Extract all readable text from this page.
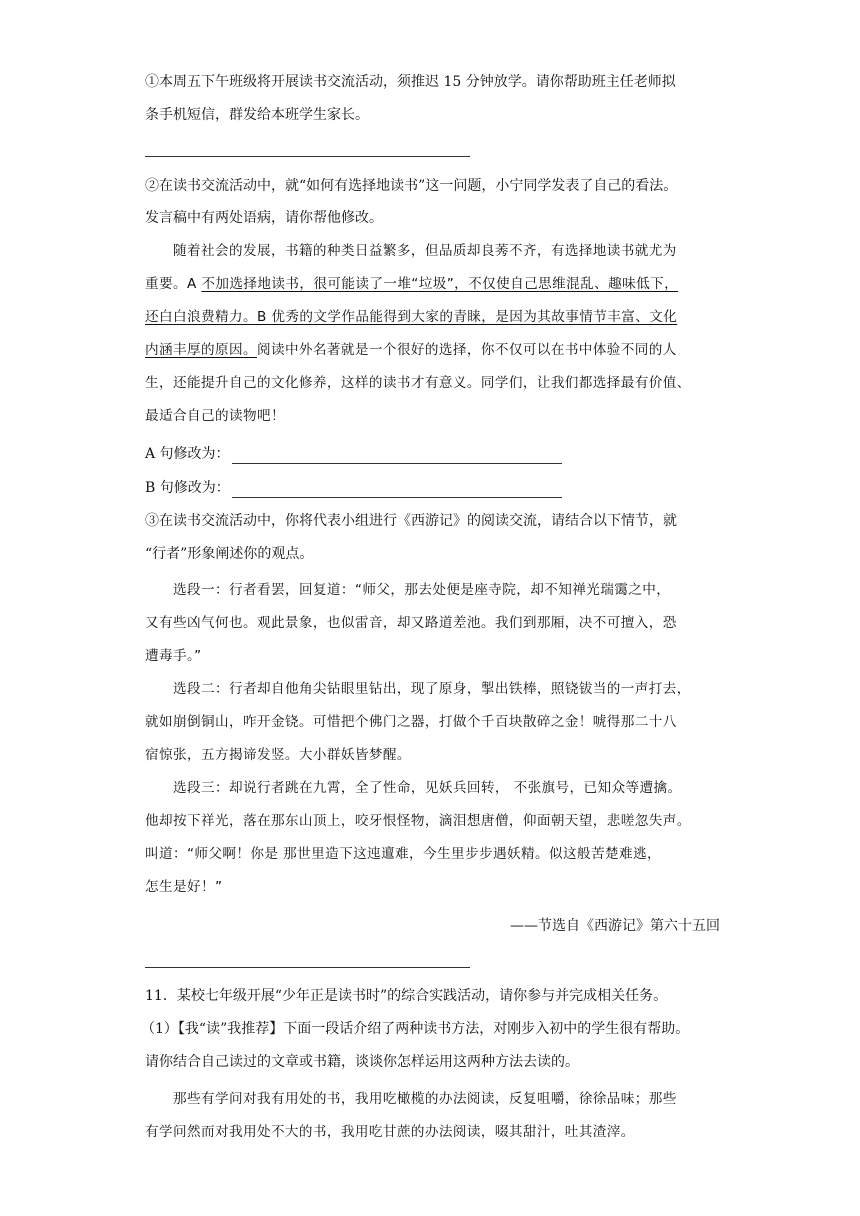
①本周五下午班级将开展读书交流活动，须推迟 15 分钟放学。请你帮助班主任老师拟
条手机短信，群发给本班学生家长。
②在读书交流活动中，就“如何有选择地读书”这一问题，小宁同学发表了自己的看法。
发言稿中有两处语病，请你帮他修改。
随着社会的发展，书籍的种类日益繁多，但品质却良莠不齐，有选择地读书就尤为
重要。A 不加选择地读书，很可能读了一堆“垃圾”，不仅使自己思维混乱、趣味低下，
还白白浪费精力。B 优秀的文学作品能得到大家的青睐，是因为其故事情节丰富、文化
内涵丰厚的原因。阅读中外名著就是一个很好的选择，你不仅可以在书中体验不同的人
生，还能提升自己的文化修养，这样的读书才有意义。同学们，让我们都选择最有价值、
最适合自己的读物吧！
A 句修改为：
B 句修改为：
③在读书交流活动中，你将代表小组进行《西游记》的阅读交流，请结合以下情节，就
“行者”形象阐述你的观点。
选段一：行者看罢，回复道：“师父，那去处便是座寺院，却不知禅光瑞霭之中，
又有些凶气何也。观此景象，也似雷音，却又路道差池。我们到那厢，决不可擅入，恐
遭毒手。”
选段二：行者却自他角尖钻眼里钻出，现了原身，掣出铁棒，照铙钹当的一声打去，
就如崩倒铜山，咋开金铙。可惜把个佛门之器，打做个千百块散碎之金！唬得那二十八
宿惊张，五方揭谛发竖。大小群妖皆梦醒。
选段三：却说行者跳在九霄，全了性命，见妖兵回转， 不张旗号，已知众等遭擒。
他却按下祥光，落在那东山顶上，咬牙恨怪物，滴泪想唐僧，仰面朝天望，悲嗟忽失声。
叫道：“师父啊！你是 那世里造下这迍邅难，今生里步步遇妖精。似这般苦楚难逃，
怎生是好！”
——节选自《西游记》第六十五回
11．某校七年级开展“少年正是读书时”的综合实践活动，请你参与并完成相关任务。
（1）【我“读”我推荐】下面一段话介绍了两种读书方法，对刚步入初中的学生很有帮助。
请你结合自己读过的文章或书籍，谈谈你怎样运用这两种方法去读的。
那些有学问对我有用处的书，我用吃橄榄的办法阅读，反复咀嚼，徐徐品味；那些
有学问然而对我用处不大的书，我用吃甘蔗的办法阅读，啜其甜汁，吐其渣滓。
